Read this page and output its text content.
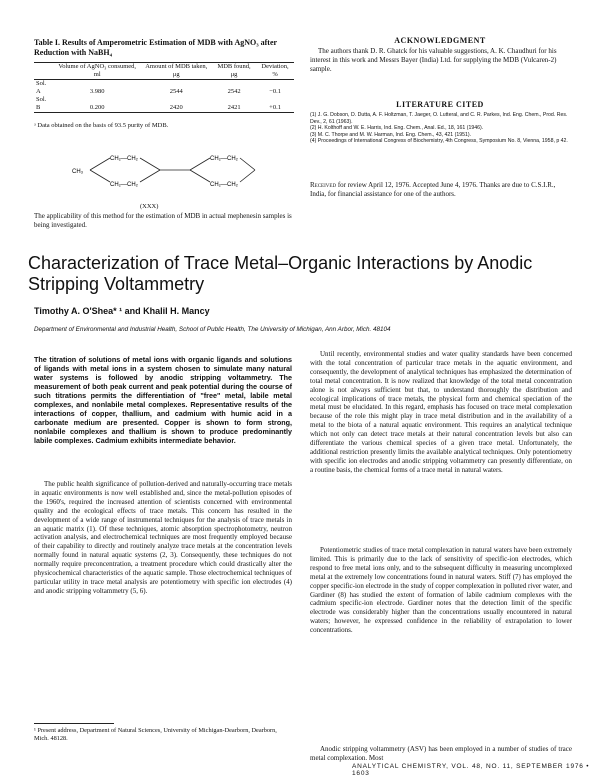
Table I. Results of Amperometric Estimation of MDB with AgNO₃ after Reduction with NaBH₄
	Volume of AgNO₃ consumed, ml	Amount of MDB taken, μg	MDB found, μg	Deviation, %

Sol. A	3.980	2544	2542	−0.1
Sol. B	0.200	2420	2421	+0.1
ᵃ Data obtained on the basis of 93.5 purity of MDB.
CH₂—CH₂
CH₂—CH₂
CH₂—CH₂
CH₂—CH₂
CH₃
(XXX)
The applicability of this method for the estimation of MDB in actual mephenesin samples is being investigated.
ACKNOWLEDGMENT
The authors thank D. R. Ghatck for his valuable suggestions, A. K. Chaudhuri for his interest in this work and Messrs Bayer (India) Ltd. for supplying the MDB (Vulcaren-2) sample.
LITERATURE CITED

(1) J. G. Dobson, D. Dutta, A. F. Holtzman, T. Jaeger, O. Lutteral, and C. R. Parkes, Ind. Eng. Chem., Prod. Res. Dev., 2, 61 (1963).

(2) H. Kolthoff and W. E. Harris, Ind. Eng. Chem., Anal. Ed., 18, 161 (1946).

(3) M. C. Thorpe and M. W. Harman, Ind. Eng. Chem., 43, 421 (1951).

(4) Proceedings of International Congress of Biochemistry, 4th Congress, Symposium No. 8, Vienna, 1958, p 42.

Received for review April 12, 1976. Accepted June 4, 1976. Thanks are due to C.S.I.R., India, for financial assistance for one of the authors.
Characterization of Trace Metal–Organic Interactions by Anodic Stripping Voltammetry
Timothy A. O'Shea* ¹ and Khalil H. Mancy
Department of Environmental and Industrial Health, School of Public Health, The University of Michigan, Ann Arbor, Mich. 48104
The titration of solutions of metal ions with organic ligands and solutions of ligands with metal ions in a system chosen to simulate many natural water systems is followed by anodic stripping voltammetry. The measurement of both peak current and peak potential during the course of such titrations permits the differentiation of "free" metal, labile metal complexes, and nonlabile metal complexes. Representative results of the interactions of copper, thallium, and cadmium with humic acid in a carbonate medium are presented. Copper is shown to form strong, nonlabile complexes and thallium is shown to produce predominantly labile complexes. Cadmium exhibits intermediate behavior.
The public health significance of pollution-derived and naturally-occurring trace metals in aquatic environments is now well established and, since the metal-pollution episodes of the 1960's, required the increased attention of scientists concerned with environmental quality and the ecological effects of trace metals. This concern has resulted in the development of a wide range of instrumental techniques for the analysis of trace metals in an aquatic matrix (1). Of these techniques, atomic absorption spectrophotometry, neutron activation analysis, and electrochemical techniques are most frequently employed because of their capability to directly and routinely analyze trace metals at the concentration levels normally found in natural aquatic systems (2, 3). Consequently, these techniques do not normally require preconcentration, a treatment procedure which could drastically alter the physicochemical characteristics of the aquatic sample. Those electrochemical techniques of particular utility in trace metal analysis are potentiometry with specific ion electrodes (4) and anodic stripping voltammetry (5, 6).
Until recently, environmental studies and water quality standards have been concerned with the total concentration of particular trace metals in the aquatic environment, and consequently, the development of analytical techniques has emphasized the determination of total metal concentration. It is now realized that knowledge of the total metal concentration alone is not always sufficient but that, to understand thoroughly the distribution and ecological implications of trace metals, the physical form and chemical speciation of the metal must be elucidated. In this regard, emphasis has focused on trace metal complexation because of the role this might play in trace metal distribution and in the availability of a metal to the biota of a natural aquatic environment. This requires an analytical technique which not only can detect trace metals at their natural concentration levels but also can differentiate the various chemical species of a given trace metal. Unfortunately, the additional restriction presently limits the available analytical techniques. Only potentiometry with specific ion electrodes and anodic stripping voltammetry can presently differentiate, on a routine basis, the chemical forms of a trace metal in natural waters.
Potentiometric studies of trace metal complexation in natural waters have been extremely limited. This is primarily due to the lack of sensitivity of specific-ion electrodes, which respond to free metal ions only, and to the subsequent difficulty in measuring uncomplexed metal at the extremely low concentrations found in natural waters. Stiff (7) has employed the copper specific-ion electrode in the study of copper complexation in polluted river water, and Gardiner (8) has studied the extent of formation of labile cadmium complexes with the cadmium specific-ion electrode. Gardiner notes that the detection limit of the specific electrode was considerably higher than the concentrations usually encountered in natural waters; however, he expressed confidence in the reliability of extrapolation to lower concentrations.
Anodic stripping voltammetry (ASV) has been employed in a number of studies of trace metal complexation. Most
¹ Present address, Department of Natural Sciences, University of Michigan-Dearborn, Dearborn, Mich. 48128.
ANALYTICAL CHEMISTRY, VOL. 48, NO. 11, SEPTEMBER 1976 • 1603
